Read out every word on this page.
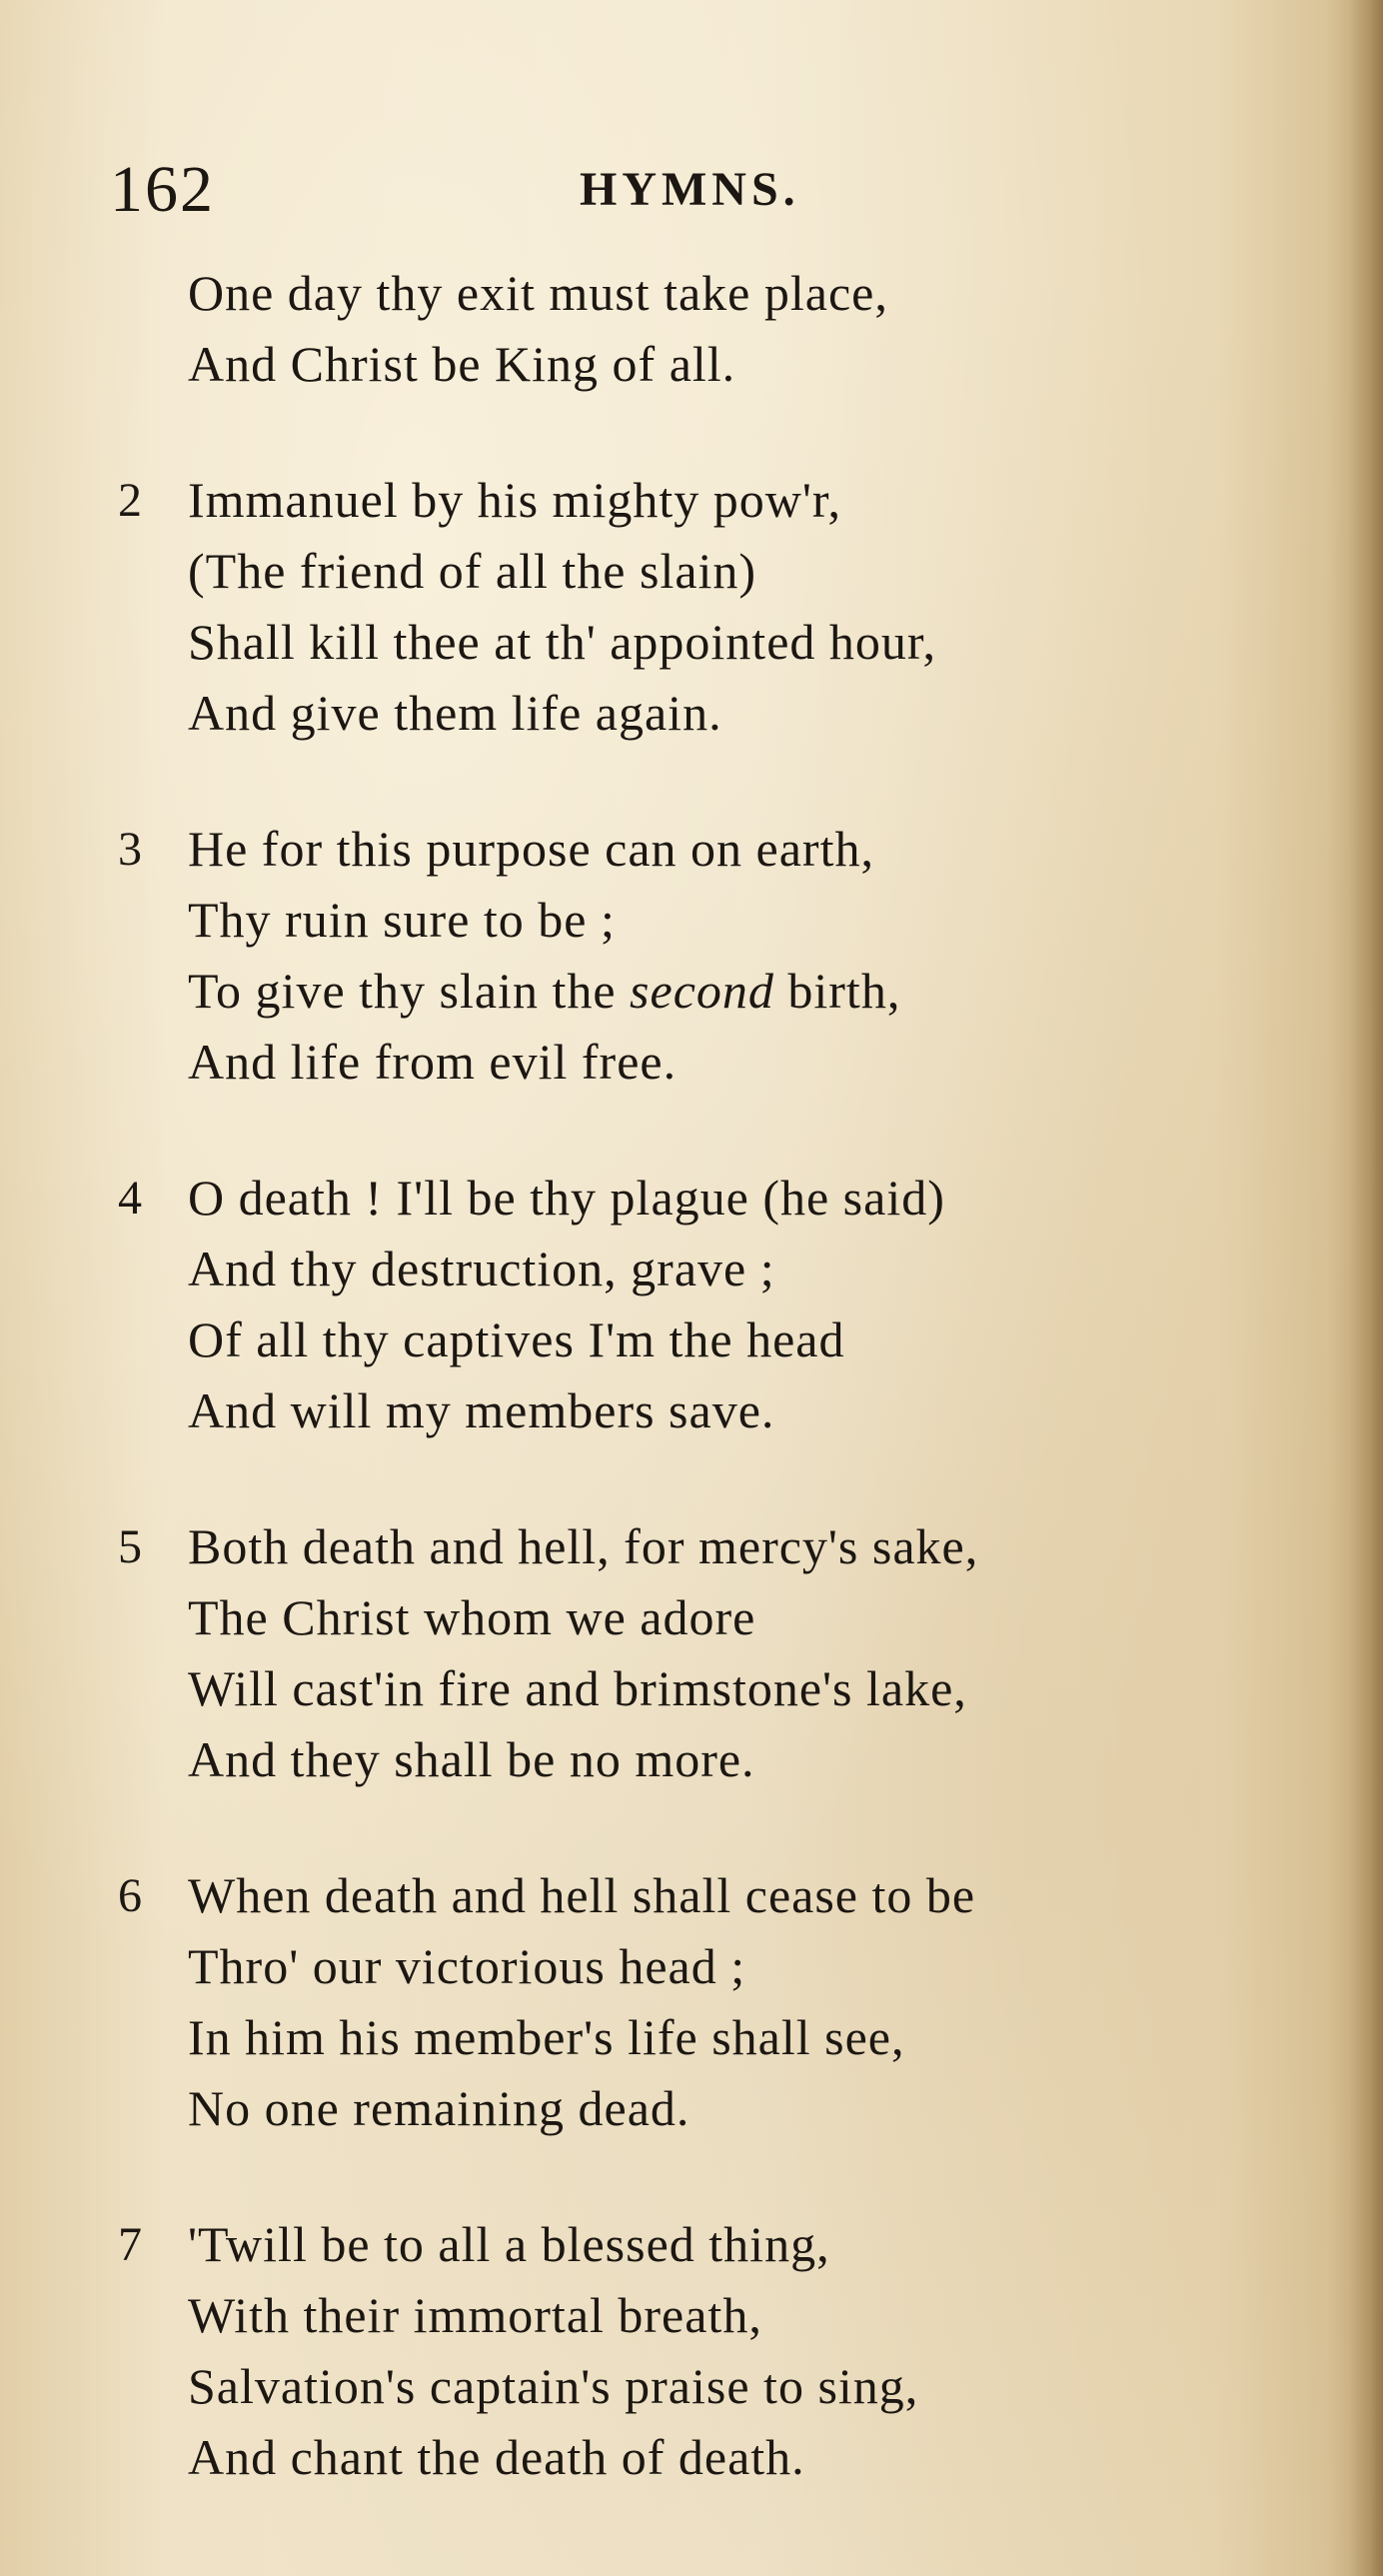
162	HYMNS.
One day thy exit must take place,
And Christ be King of all.
2 Immanuel by his mighty pow'r,
(The friend of all the slain)
Shall kill thee at th' appointed hour,
And give them life again.
3 He for this purpose can on earth,
Thy ruin sure to be ;
To give thy slain the second birth,
And life from evil free.
4 O death ! I'll be thy plague (he said)
And thy destruction, grave ;
Of all thy captives I'm the head
And will my members save.
5 Both death and hell, for mercy's sake,
The Christ whom we adore
Will cast'in fire and brimstone's lake,
And they shall be no more.
6 When death and hell shall cease to be
Thro' our victorious head ;
In him his member's life shall see,
No one remaining dead.
7 'Twill be to all a blessed thing,
With their immortal breath,
Salvation's captain's praise to sing,
And chant the death of death.
